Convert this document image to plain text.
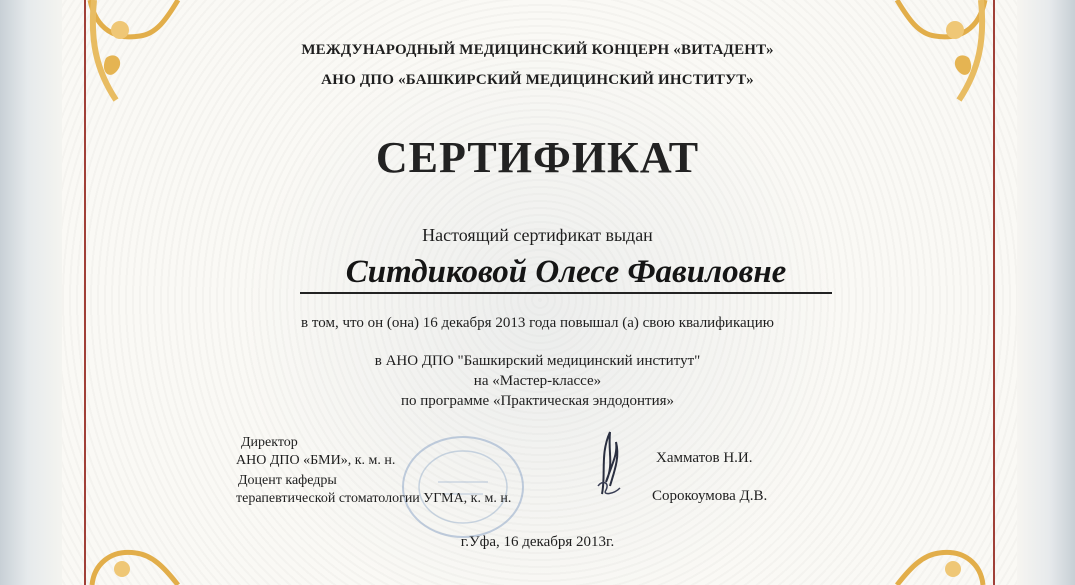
МЕЖДУНАРОДНЫЙ МЕДИЦИНСКИЙ КОНЦЕРН «ВИТАДЕНТ»
АНО ДПО «БАШКИРСКИЙ МЕДИЦИНСКИЙ ИНСТИТУТ»
СЕРТИФИКАТ
Настоящий сертификат выдан
Ситдиковой Олесе Фавиловне
в том, что он (она) 16 декабря 2013 года повышал (а) свою квалификацию
в АНО ДПО "Башкирский медицинский институт"
на «Мастер-классе»
по программе «Практическая эндодонтия»
Директор
АНО ДПО «БМИ», к. м. н.
Доцент кафедры
терапевтической стоматологии УГМА, к. м. н.
Хамматов Н.И.
Сорокоумова Д.В.
г.Уфа, 16 декабря 2013г.
